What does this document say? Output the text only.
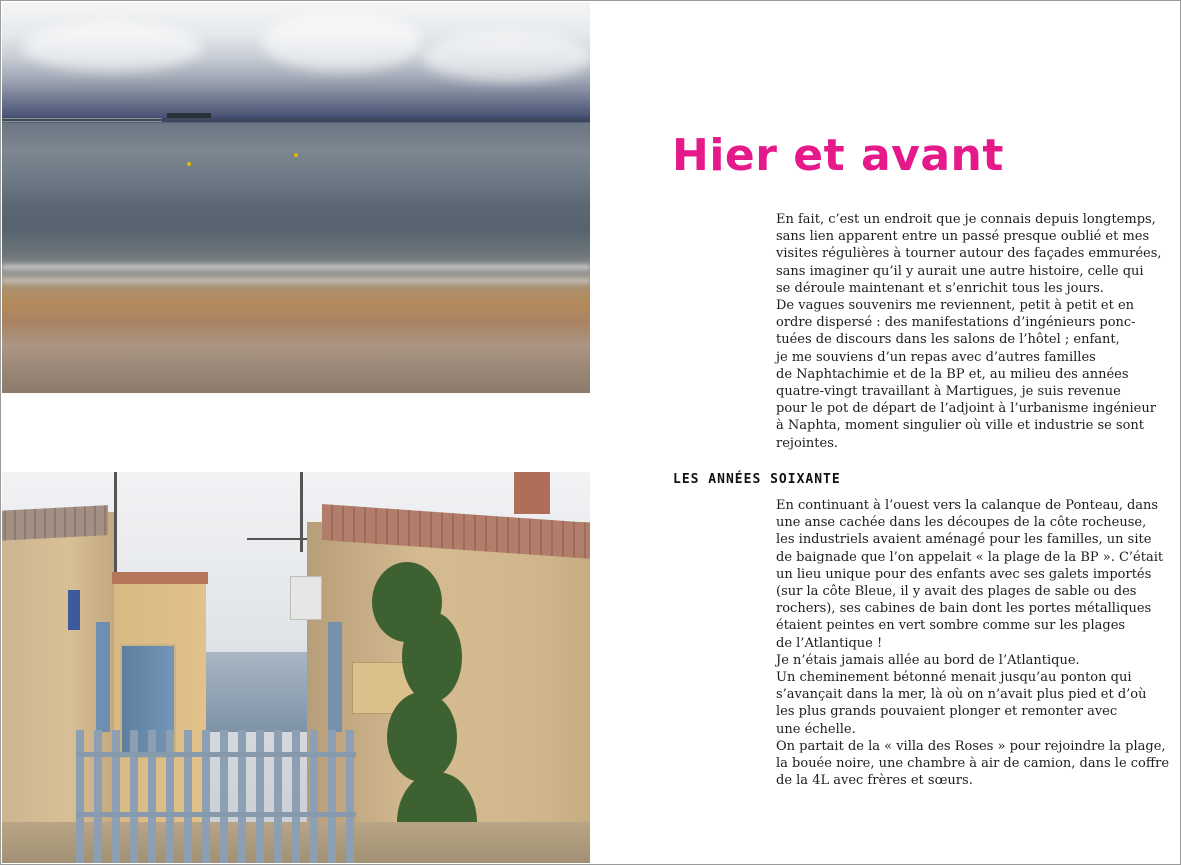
Hier et avant

En fait, c’est un endroit que je connais depuis longtemps,
sans lien apparent entre un passé presque oublié et mes
visites régulières à tourner autour des façades emmurées,
sans imaginer qu’il y aurait une autre histoire, celle qui
se déroule maintenant et s’enrichit tous les jours.
De vagues souvenirs me reviennent, petit à petit et en
ordre dispersé : des manifestations d’ingénieurs ponc-
tuées de discours dans les salons de l’hôtel ; enfant,
je me souviens d’un repas avec d’autres familles
de Naphtachimie et de la BP et, au milieu des années
quatre-vingt travaillant à Martigues, je suis revenue
pour le pot de départ de l’adjoint à l’urbanisme ingénieur
à Naphta, moment singulier où ville et industrie se sont
rejointes.

LES ANNÉES SOIXANTE

En continuant à l’ouest vers la calanque de Ponteau, dans
une anse cachée dans les découpes de la côte rocheuse,
les industriels avaient aménagé pour les familles, un site
de baignade que l’on appelait « la plage de la BP ». C’était
un lieu unique pour des enfants avec ses galets importés
(sur la côte Bleue, il y avait des plages de sable ou des
rochers), ses cabines de bain dont les portes métalliques
étaient peintes en vert sombre comme sur les plages
de l’Atlantique !
Je n’étais jamais allée au bord de l’Atlantique.
Un cheminement bétonné menait jusqu’au ponton qui
s’avançait dans la mer, là où on n’avait plus pied et d’où
les plus grands pouvaient plonger et remonter avec
une échelle.
On partait de la « villa des Roses » pour rejoindre la plage,
la bouée noire, une chambre à air de camion, dans le coffre
de la 4L avec frères et sœurs.
